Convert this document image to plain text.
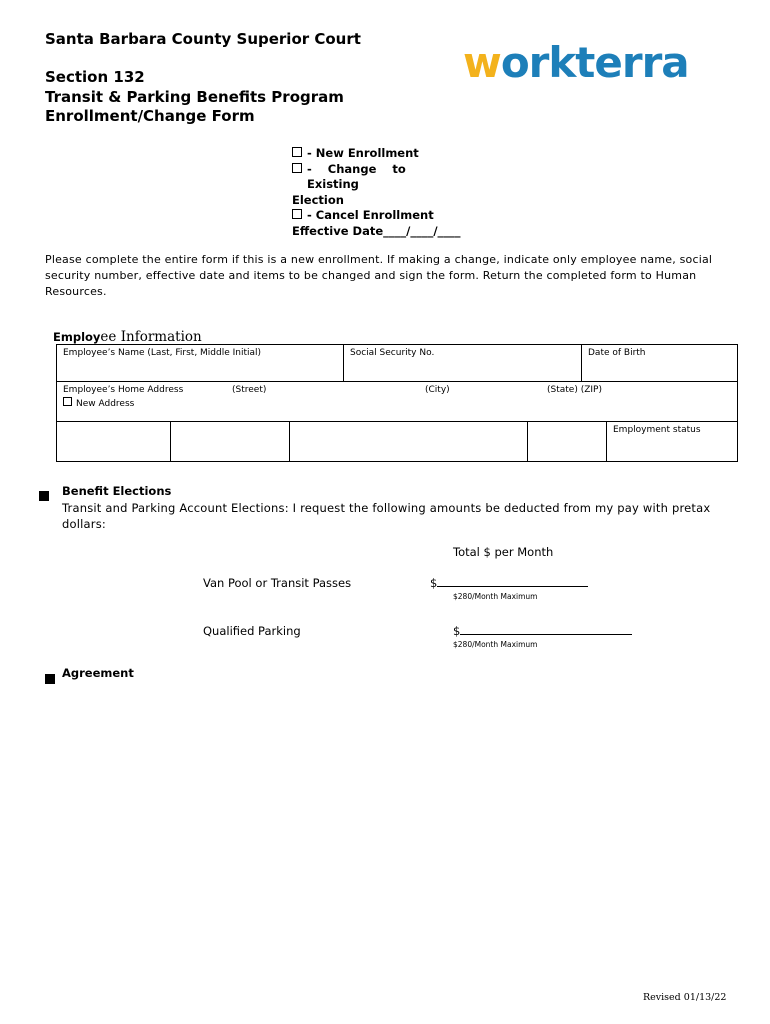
Santa Barbara County Superior Court
Section 132
Transit & Parking Benefits Program
Enrollment/Change Form
workterra
- New Enrollment
- Change to Existing
Election
- Cancel Enrollment
Effective Date____/____/____
Please complete the entire form if this is a new enrollment. If making a change, indicate only employee name, social security number, effective date and items to be changed and sign the form. Return the completed form to Human Resources.
Employee Information
Employee’s Name (Last, First, Middle Initial)	Social Security No.	Date of Birth
Employee’s Home Address	(Street)	(City)	(State) (ZIP)
New Address
Employment status
Benefit Elections
Transit and Parking Account Elections: I request the following amounts be deducted from my pay with pretax dollars:
Total $ per Month
Van Pool or Transit Passes	$
$280/Month Maximum
Qualified Parking	$
$280/Month Maximum
Agreement
Revised 01/13/22
